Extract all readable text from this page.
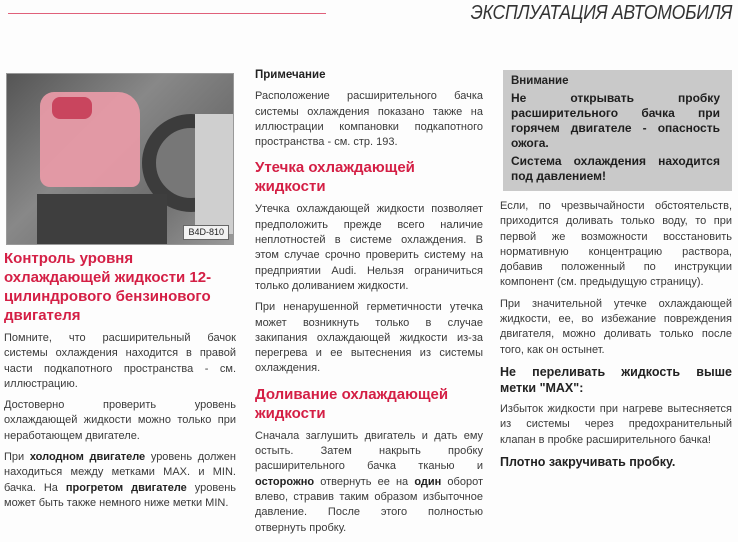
ЭКСПЛУАТАЦИЯ АВТОМОБИЛЯ
B4D-810

Контроль уровня охлаждающей жидкости 12-цилиндрового бензинового двигателя

Помните, что расширительный бачок системы охлаждения находится в правой части подкапотного пространства - см. иллюстрацию.

Достоверно проверить уровень охлаждающей жидкости можно только при неработающем двигателе.

При холодном двигателе уровень должен находиться между метками MAX. и MIN. бачка. На прогретом двигателе уровень может быть также немного ниже метки MIN.

Примечание

Расположение расширительного бачка системы охлаждения показано также на иллюстрации компановки подкапотного пространства - см. стр. 193.

Утечка охлаждающей жидкости

Утечка охлаждающей жидкости позволяет предположить прежде всего наличие неплотностей в системе охлаждения. В этом случае срочно проверить систему на предприятии Audi. Нельзя ограничиться только доливанием жидкости.

При ненарушенной герметичности утечка может возникнуть только в случае закипания охлаждающей жидкости из-за перегрева и ее вытеснения из системы охлаждения.

Доливание охлаждающей жидкости

Сначала заглушить двигатель и дать ему остыть. Затем накрыть пробку расширительного бачка тканью и осторожно отвернуть ее на один оборот влево, стравив таким образом избыточное давление. После этого полностью отвернуть пробку.

Внимание

Не открывать пробку расширительного бачка при горячем двигателе - опасность ожога.

Система охлаждения находится под давлением!

Если, по чрезвычайности обстоятельств, приходится доливать только воду, то при первой же возможности восстановить нормативную концентрацию раствора, добавив положенный по инструкции компонент (см. предыдущую страницу).

При значительной утечке охлаждающей жидкости, ее, во избежание повреждения двигателя, можно доливать только после того, как он остынет.

Не переливать жидкость выше метки "MAX":

Избыток жидкости при нагреве вытесняется из системы через предохранительный клапан в пробке расширительного бачка!

Плотно закручивать пробку.
